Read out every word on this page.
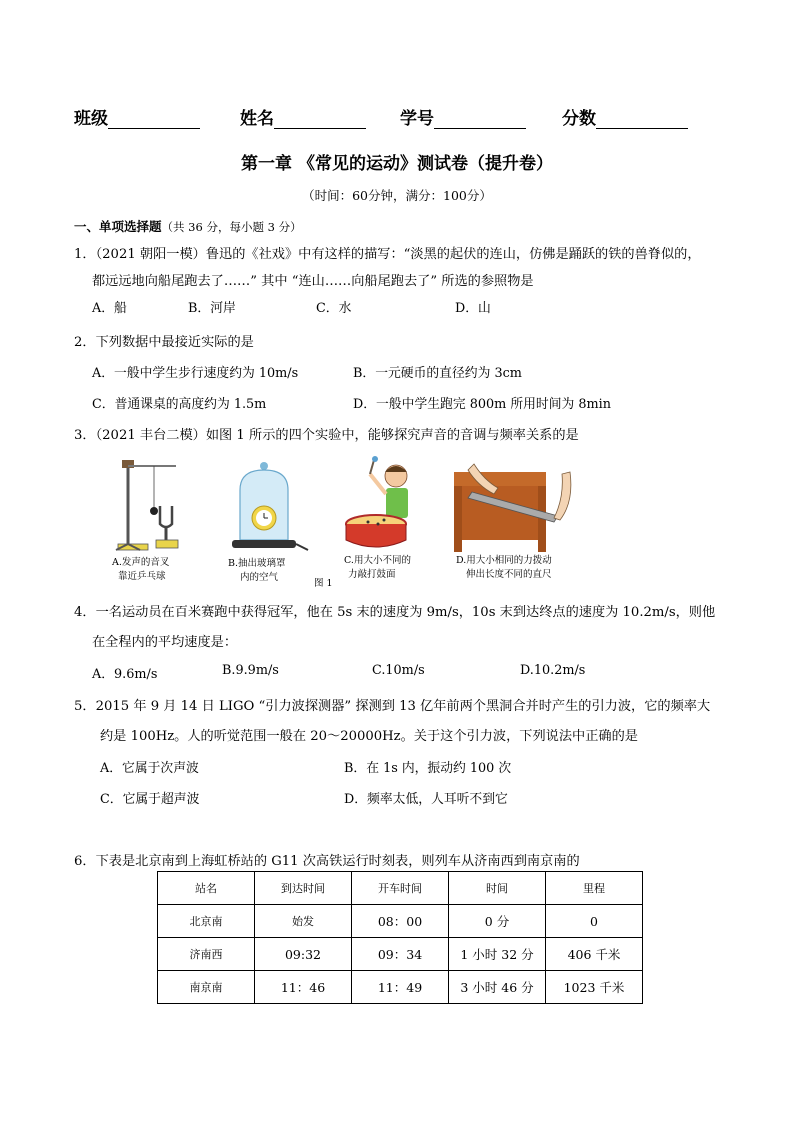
班级	姓名	学号	分数
第一章 《常见的运动》测试卷（提升卷）
（时间：60分钟，满分：100分）
一、单项选择题（共 36 分，每小题 3 分）
1．（2021 朝阳一模）鲁迅的《社戏》中有这样的描写：“淡黑的起伏的连山，仿佛是踊跃的铁的兽脊似的，
都远远地向船尾跑去了……” 其中 “连山……向船尾跑去了” 所选的参照物是
A．船	B．河岸	C．水	D．山
2．下列数据中最接近实际的是
A．一般中学生步行速度约为 10m/s	B．一元硬币的直径约为 3cm
C．普通课桌的高度约为 1.5m	D．一般中学生跑完 800m 所用时间为 8min
3．（2021 丰台二模）如图 1 所示的四个实验中，能够探究声音的音调与频率关系的是
A.发声的音叉
靠近乒乓球
B.抽出玻璃罩
内的空气
图 1
C.用大小不同的
力敲打鼓面
D.用大小相同的力拨动
伸出长度不同的直尺
4．一名运动员在百米赛跑中获得冠军，他在 5s 末的速度为 9m/s，10s 末到达终点的速度为 10.2m/s，则他
在全程内的平均速度是：
A．9.6m/s	B.9.9m/s	C.10m/s	D.10.2m/s
5．2015 年 9 月 14 日 LIGO “引力波探测器” 探测到 13 亿年前两个黑洞合并时产生的引力波，它的频率大
约是 100Hz。人的听觉范围一般在 20～20000Hz。关于这个引力波，下列说法中正确的是
A．它属于次声波	B．在 1s 内，振动约 100 次
C．它属于超声波	D．频率太低，人耳听不到它
6．下表是北京南到上海虹桥站的 G11 次高铁运行时刻表，则列车从济南西到南京南的
站名	到达时间	开车时间	时间	里程
北京南	始发	08：00	0 分	0
济南西	09:32	09：34	1 小时 32 分	406 千米
南京南	11：46	11：49	3 小时 46 分	1023 千米
